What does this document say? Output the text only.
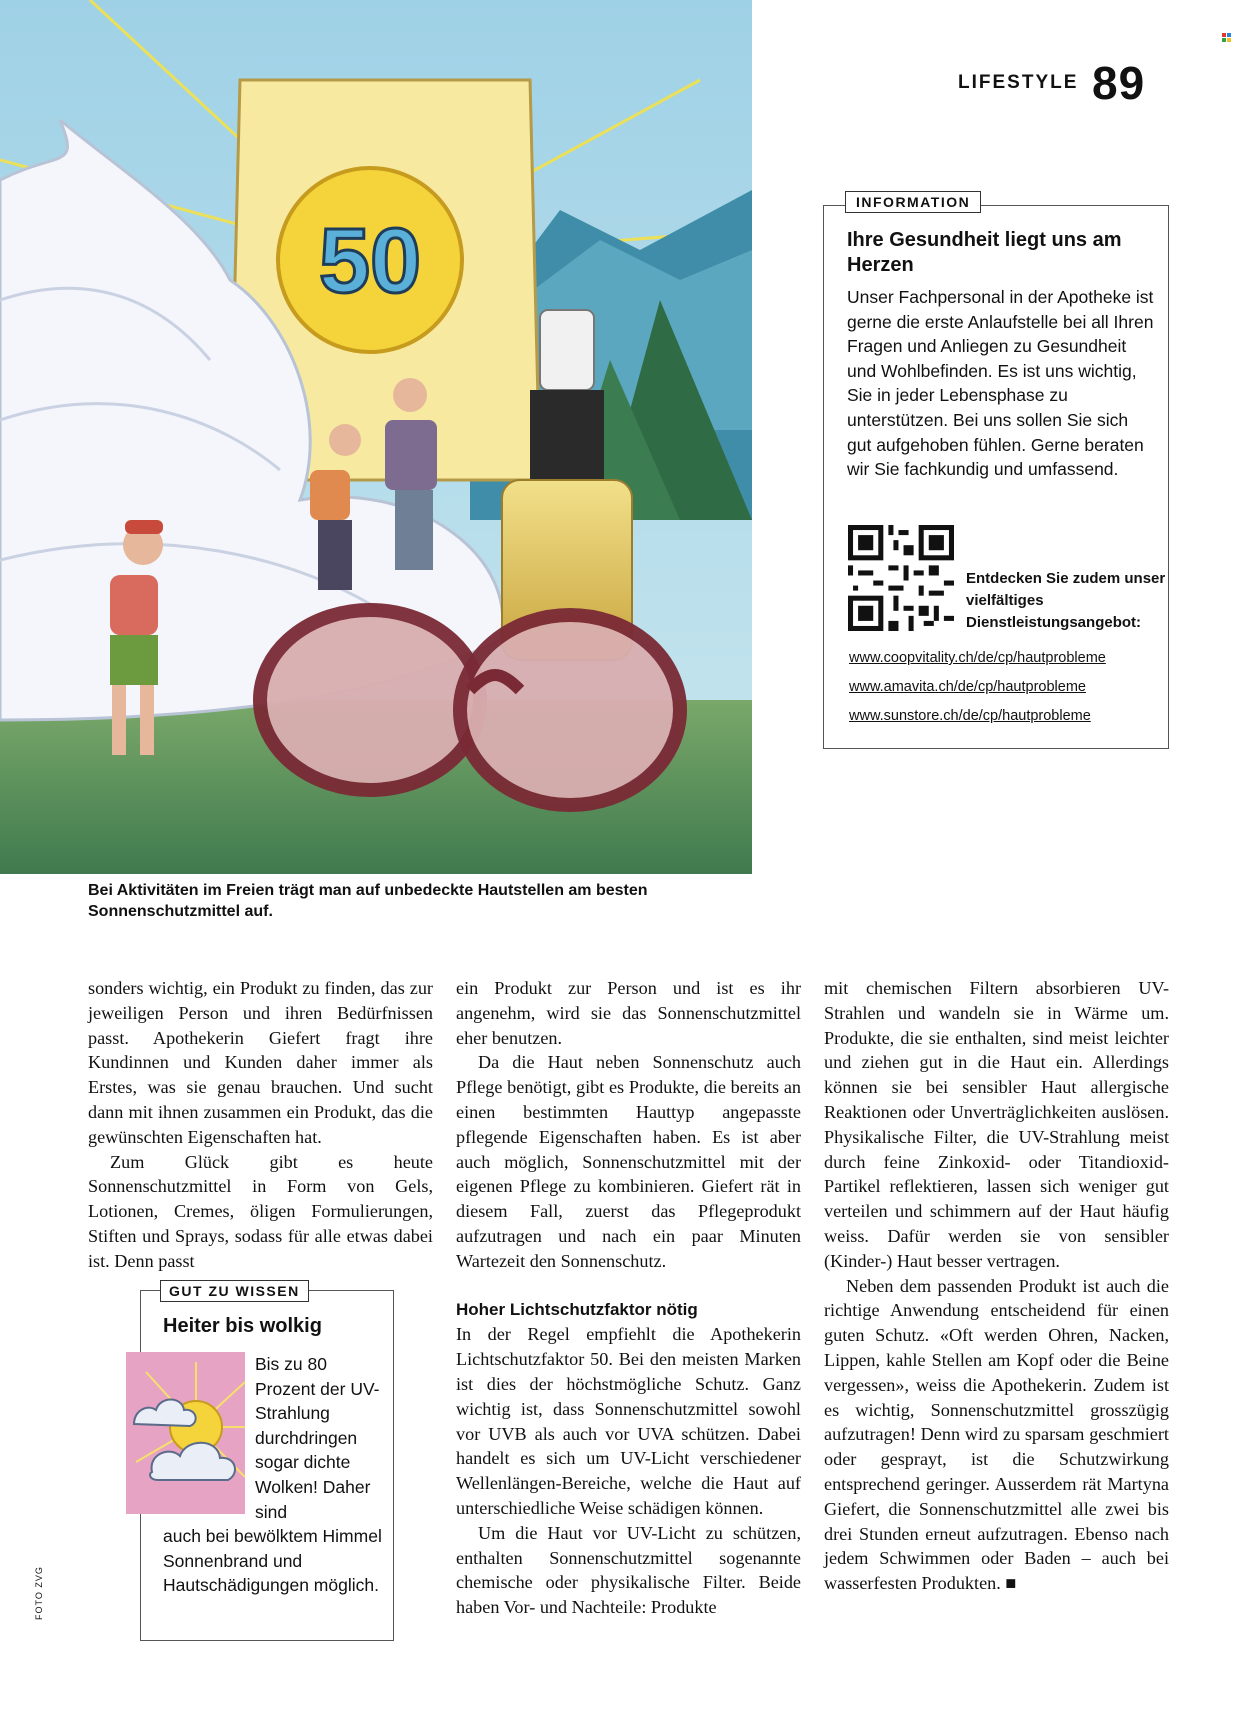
LIFESTYLE 89
50
Bei Aktivitäten im Freien trägt man auf unbedeckte Hautstellen am besten Sonnenschutzmittel auf.
INFORMATION
Ihre Gesundheit liegt uns am Herzen
Unser Fachpersonal in der Apotheke ist gerne die erste Anlaufstelle bei all Ihren Fragen und Anliegen zu Gesundheit und Wohlbefinden. Es ist uns wichtig, Sie in jeder Lebensphase zu unterstützen. Bei uns sollen Sie sich gut aufgehoben fühlen. Gerne beraten wir Sie fachkundig und umfassend.
Entdecken Sie zudem unser vielfältiges Dienstleistungsangebot:
www.coopvitality.ch/de/cp/hautprobleme
www.amavita.ch/de/cp/hautprobleme
www.sunstore.ch/de/cp/hautprobleme

sonders wichtig, ein Produkt zu finden, das zur jeweiligen Person und ihren Bedürfnissen passt. Apothekerin Giefert fragt ihre Kundinnen und Kunden daher immer als Erstes, was sie genau brauchen. Und sucht dann mit ihnen zusammen ein Produkt, das die gewünschten Eigenschaften hat.

Zum Glück gibt es heute Sonnenschutzmittel in Form von Gels, Lotionen, Cremes, öligen Formulierungen, Stiften und Sprays, sodass für alle etwas dabei ist. Denn passt

GUT ZU WISSEN
Heiter bis wolkig
Bis zu 80 Prozent der UV-Strahlung durchdringen sogar dichte Wolken! Daher sind
auch bei bewölktem Himmel Sonnenbrand und Hautschädigungen möglich.

ein Produkt zur Person und ist es ihr angenehm, wird sie das Sonnenschutzmittel eher benutzen.

Da die Haut neben Sonnenschutz auch Pflege benötigt, gibt es Produkte, die bereits an einen bestimmten Hauttyp angepasste pflegende Eigenschaften haben. Es ist aber auch möglich, Sonnenschutzmittel mit der eigenen Pflege zu kombinieren. Giefert rät in diesem Fall, zuerst das Pflegeprodukt aufzutragen und nach ein paar Minuten Wartezeit den Sonnenschutz.

Hoher Lichtschutzfaktor nötig

In der Regel empfiehlt die Apothekerin Lichtschutzfaktor 50. Bei den meisten Marken ist dies der höchstmögliche Schutz. Ganz wichtig ist, dass Sonnenschutzmittel sowohl vor UVB als auch vor UVA schützen. Dabei handelt es sich um UV-Licht verschiedener Wellenlängen-Bereiche, welche die Haut auf unterschiedliche Weise schädigen können.

Um die Haut vor UV-Licht zu schützen, enthalten Sonnenschutzmittel sogenannte chemische oder physikalische Filter. Beide haben Vor- und Nachteile: Produkte

mit chemischen Filtern absorbieren UV-Strahlen und wandeln sie in Wärme um. Produkte, die sie enthalten, sind meist leichter und ziehen gut in die Haut ein. Allerdings können sie bei sensibler Haut allergische Reaktionen oder Unverträglichkeiten auslösen. Physikalische Filter, die UV-Strahlung meist durch feine Zinkoxid- oder Titandioxid-Partikel reflektieren, lassen sich weniger gut verteilen und schimmern auf der Haut häufig weiss. Dafür werden sie von sensibler (Kinder-) Haut besser vertragen.

Neben dem passenden Produkt ist auch die richtige Anwendung entscheidend für einen guten Schutz. «Oft werden Ohren, Nacken, Lippen, kahle Stellen am Kopf oder die Beine vergessen», weiss die Apothekerin. Zudem ist es wichtig, Sonnenschutzmittel grosszügig aufzutragen! Denn wird zu sparsam geschmiert oder gesprayt, ist die Schutzwirkung entsprechend geringer. Ausserdem rät Martyna Giefert, die Sonnenschutzmittel alle zwei bis drei Stunden erneut aufzutragen. Ebenso nach jedem Schwimmen oder Baden – auch bei wasserfesten Produkten. ■

FOTO ZVG
